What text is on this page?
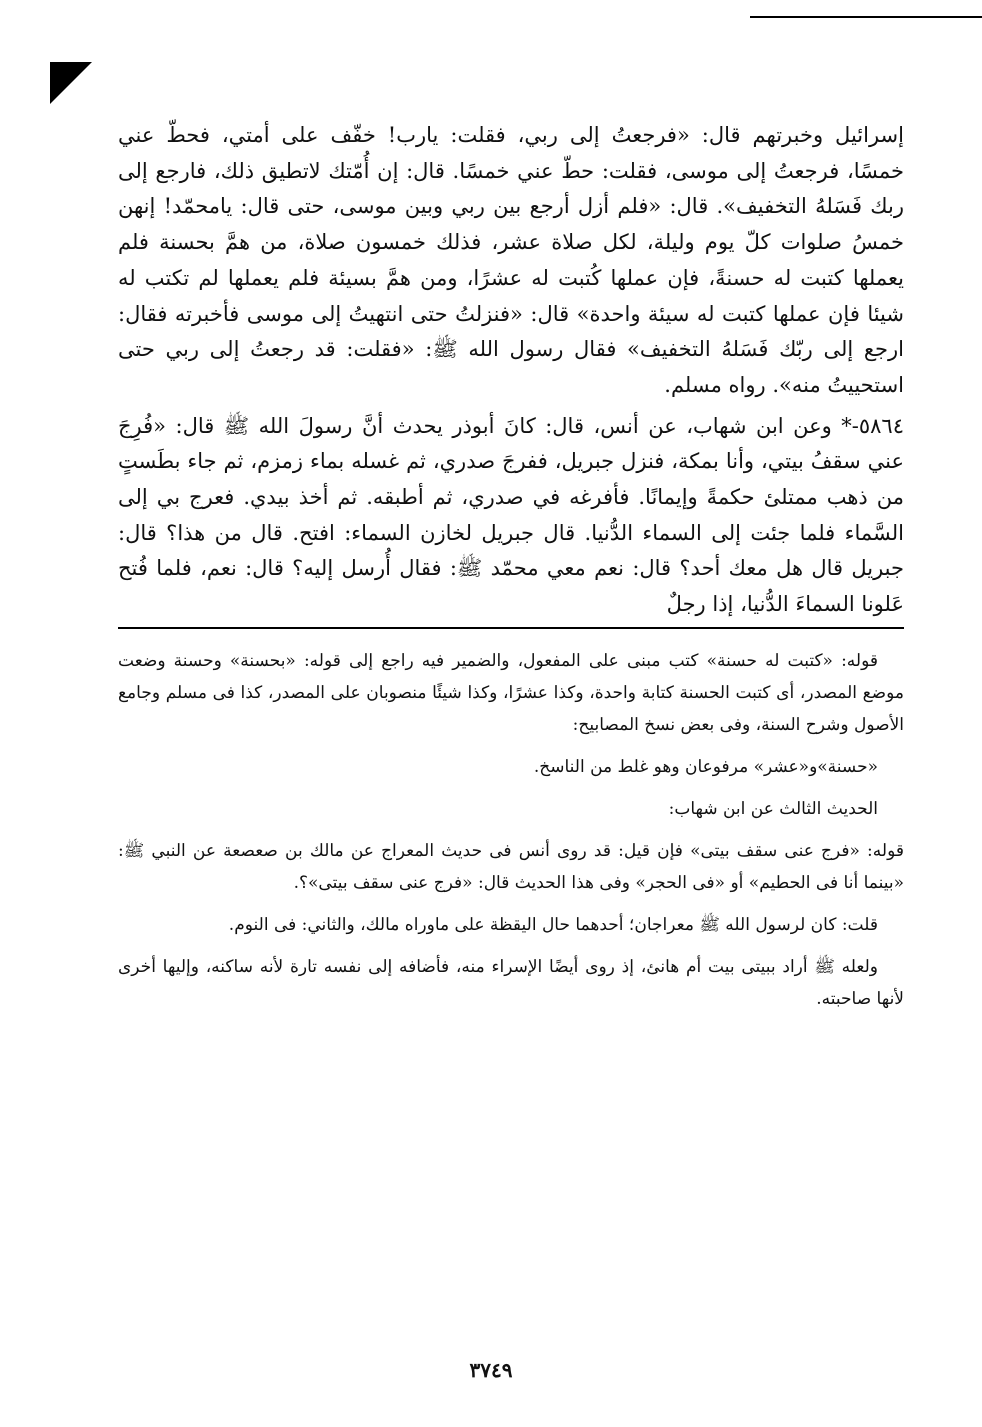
إسرائيل وخبرتهم قال: «فرجعتُ إلى ربي، فقلت: يارب! خفّف على أمتي، فحطّ عني خمسًا، فرجعتُ إلى موسى، فقلت: حطّ عني خمسًا. قال: إن أُمّتك لاتطيق ذلك، فارجع إلى ربك فَسَلهُ التخفيف». قال: «فلم أزل أرجع بين ربي وبين موسى، حتى قال: يامحمّد! إنهن خمسُ صلوات كلّ يوم وليلة، لكل صلاة عشر، فذلك خمسون صلاة، من همَّ بحسنة فلم يعملها كتبت له حسنةً، فإن عملها كُتبت له عشرًا، ومن همَّ بسيئة فلم يعملها لم تكتب له شيئا فإن عملها كتبت له سيئة واحدة» قال: «فنزلتُ حتى انتهيتُ إلى موسى فأخبرته فقال: ارجع إلى ربّك فَسَلهُ التخفيف» فقال رسول الله ﷺ: «فقلت: قد رجعتُ إلى ربي حتى استحييتُ منه». رواه مسلم.

٥٨٦٤-* وعن ابن شهاب، عن أنس، قال: كانَ أبوذر يحدث أنَّ رسولَ الله ﷺ قال: «فُرِجَ عني سقفُ بيتي، وأنا بمكة، فنزل جبريل، ففرجَ صدري، ثم غسله بماء زمزم، ثم جاء بطَستٍ من ذهب ممتلئ حكمةً وإيمانًا. فأفرغه في صدري، ثم أطبقه. ثم أخذ بيدي. فعرج بي إلى السَّماء فلما جئت إلى السماء الدُّنيا. قال جبريل لخازن السماء: افتح. قال من هذا؟ قال: جبريل قال هل معك أحد؟ قال: نعم معي محمّد ﷺ: فقال أُرسل إليه؟ قال: نعم، فلما فُتح عَلونا السماءَ الدُّنيا، إذا رجلٌ

قوله: «كتبت له حسنة» كتب مبنى على المفعول، والضمير فيه راجع إلى قوله: «بحسنة» وحسنة وضعت موضع المصدر، أى كتبت الحسنة كتابة واحدة، وكذا عشرًا، وكذا شيئًا منصوبان على المصدر، كذا فى مسلم وجامع الأصول وشرح السنة، وفى بعض نسخ المصابيح:

«حسنة»و«عشر» مرفوعان وهو غلط من الناسخ.

الحديث الثالث عن ابن شهاب:

قوله: «فرج عنى سقف بيتى» فإن قيل: قد روى أنس فى حديث المعراج عن مالك بن صعصعة عن النبي ﷺ: «بينما أنا فى الحطيم» أو «فى الحجر» وفى هذا الحديث قال: «فرج عنى سقف بيتى»؟.

قلت: كان لرسول الله ﷺ معراجان؛ أحدهما حال اليقظة على ماوراه مالك، والثاني: فى النوم.

ولعله ﷺ أراد ببيتى بيت أم هانئ، إذ روى أيضًا الإسراء منه، فأضافه إلى نفسه تارة لأنه ساكنه، وإليها أخرى لأنها صاحبته.

٣٧٤٩
